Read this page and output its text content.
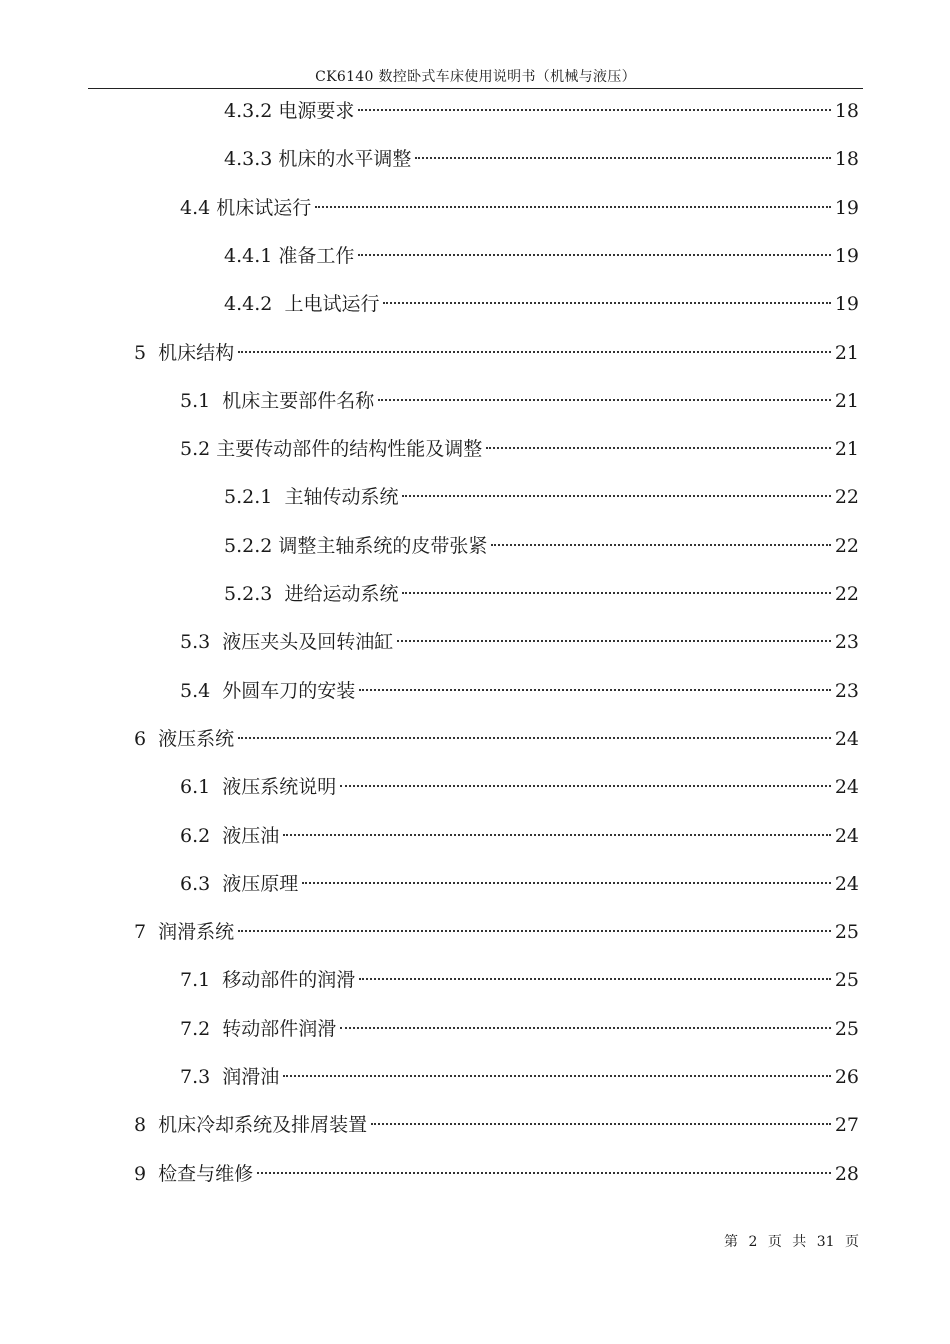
CK6140 数控卧式车床使用说明书（机械与液压）
4.3.2 电源要求	18
4.3.3 机床的水平调整	18
4.4 机床试运行	19
4.4.1 准备工作	19
4.4.2 上电试运行	19
5 机床结构	21
5.1 机床主要部件名称	21
5.2 主要传动部件的结构性能及调整	21
5.2.1 主轴传动系统	22
5.2.2 调整主轴系统的皮带张紧	22
5.2.3 进给运动系统	22
5.3 液压夹头及回转油缸	23
5.4 外圆车刀的安装	23
6 液压系统	24
6.1 液压系统说明	24
6.2 液压油	24
6.3 液压原理	24
7 润滑系统	25
7.1 移动部件的润滑	25
7.2 转动部件润滑	25
7.3 润滑油	26
8 机床冷却系统及排屑装置	27
9 检查与维修	28
第 2 页 共 31 页
